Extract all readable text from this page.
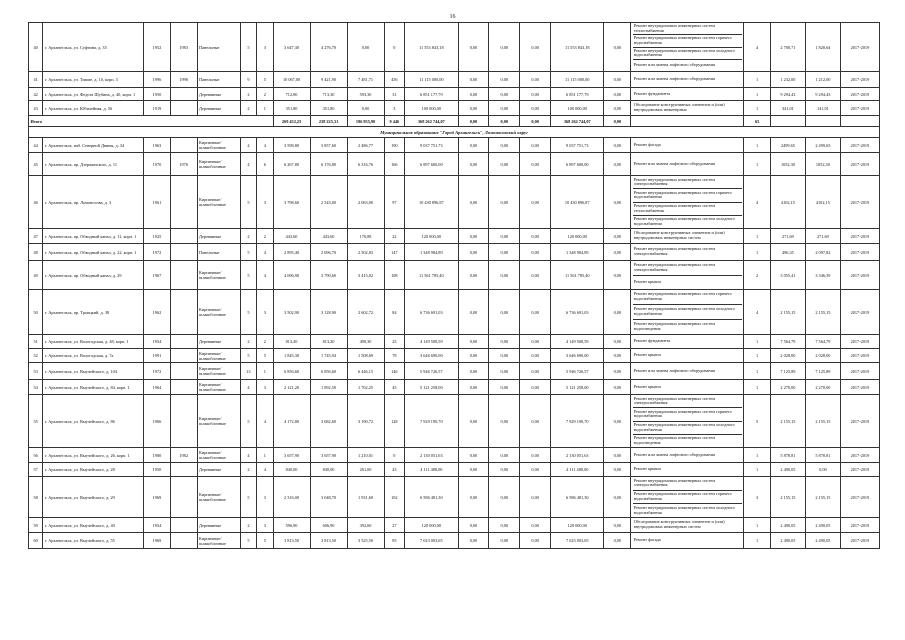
16
40	г. Архангельск, ул. Суфтина, д. 35	1952	1983	Панельные	5	3	3 647,30	4 276,70	0,00	0	11 553 843,18	0,00	0,00	0,00	11 553 843,18	0,00	Ремонт внутридомовых инженерных систем теплоснабжения
Ремонт внутридомовых инженерных систем горячего водоснабжения
Ремонт внутридомовых инженерных систем холодного водоснабжения
Ремонт или замена лифтового оборудования	4	2 700,71	1 820,64	2017-2019
41	г. Архангельск, ул. Тимме, д. 10, корп. 3	1996	1996	Панельные	9	5	10 067,00	9 421,90	7 481,71	456	11 115 000,00	0,00	0,00	0,00	11 115 000,00	0,00	Ремонт или замена лифтового оборудования	1	1 232,00	1 212,00	2017-2019
42	г. Архангельск, ул. Федота Шубина, д. 40, корп. 1	1950		Деревянные	2	2	712,80	713,30	593,30	31	6 851 177,79	0,00	0,00	0,00	6 851 177,79	0,00	Ремонт фундамента	1	9 294,43	9 294,43	2017-2019
43	г. Архангельск, ул. Юбилейная, д. 56	1919		Деревянные	2	1	351,80	351,80	0,00	3	100 000,00	0,00	0,00	0,00	100 000,00	0,00	Обследование конструктивных элементов и (или) внутридомовых инженерных	1	341,01	141,01	2017-2019
Итого							269 452,25	238 225,31	196 955,90	9 446	368 262 744,07	0,00	0,00	0,00	368 262 744,07	0,00		65			
Муниципальное образование "Город Архангельск", Ломоносовский округ																					
44	г. Архангельск, наб. Северной Двины, д. 34	1963		Кирпичные/ шлакоблочные	4	4	3 598,80	3 857,60	2 486,77	190	9 037 751,73	0,00	0,00	0,00	9 037 751,73	0,00	Ремонт фасада	1	2499,65	2 499,65	2017-2019
45	г. Архангельск, пр. Дзержинского, д. 11	1970	1976	Кирпичные/ шлакоблочные	4	6	6 267,80	6 176,80	6 316,76	166	6 897 600,00	0,00	0,00	0,00	6 897 600,00	0,00	Ремонт или замена лифтового оборудования	1	1052,30	1052,30	2017-2019
46	г. Архангельск, пр. Ломоносова, д. 3	1961		Кирпичные/ шлакоблочные	5	3	3 798,60	2 543,00	2 063,00	97	10 430 896,87	0,00	0,00	0,00	10 430 896,87	0,00	Ремонт внутридомовых инженерных систем электроснабжения
Ремонт внутридомовых инженерных систем горячего водоснабжения
Ремонт внутридомовых инженерных систем теплоснабжения
Ремонт внутридомовых инженерных систем холодного водоснабжения	4	4102,15	4102,15	2017-2019
47	г. Архангельск, пр. Обводный канал, д. 11, корп. 1	1925		Деревянные	2	2	443,60	443,60	176,88	22	120 000,00	0,00	0,00	0,00	120 000,00	0,00	Обследование конструктивных элементов и (или) внутридомовых инженерных систем	1	271,69	271,69	2017-2019
48	г. Архангельск, пр. Обводный канал, д. 22, корп. 1	1972		Панельные	5	4	2 895,40	2 696,70	2 502,83	147	1 348 984,89	0,00	0,00	0,00	1 348 984,89	0,00	Ремонт внутридомовых инженерных систем электроснабжения	1	496,35	2 097,82	2017-2019
49	г. Архангельск, пр. Обводный канал, д. 29	1967		Кирпичные/ шлакоблочные	5	4	4 696,90	3 790,60	3 415,02	108	11 561 785,40	0,00	0,00	0,00	11 561 785,40	0,00	Ремонт внутридомовых инженерных систем электроснабжения
Ремонт крыши	2	3 055,41	3 346,39	2017-2019
50	г. Архангельск, пр. Троицкий, д. 38	1962		Кирпичные/ шлакоблочные	5	3	3 502,90	3 128,90	2 602,72	84	6 736 691,03	0,00	0,00	0,00	6 736 691,03	0,00	Ремонт внутридомовых инженерных систем горячего водоснабжения
Ремонт внутридомовых инженерных систем холодного водоснабжения
Ремонт внутридомовых инженерных систем водоотведения	4	2 155,15	2 155,15	2017-2019
51	г. Архангельск, ул. Вологодская, д. 48, корп. 1	1954		Деревянные	2	2	813,20	813,20	490,30	25	4 149 508,59	0,00	0,00	0,00	4 149 508,59	0,00	Ремонт фундамента	1	7 564,79	7 564,79	2017-2019
52	г. Архангельск, ул. Вологодская, д. 7а	1991		Кирпичные/ шлакоблочные	5	5	1 845,30	1 745,94	1 508,69	78	3 646 690,00	0,00	0,00	0,00	3 646 690,00	0,00	Ремонт крыши	1	2 028,00	2 028,00	2017-2019
53	г. Архангельск, ул. Выучейского, д. 104	1972		Кирпичные/ шлакоблочные	13	1	6 856,60	6 856,60	6 446,15	146	5 946 726,57	0,00	0,00	0,00	5 946 726,57	0,00	Ремонт или замена лифтового оборудования	1	7 125,89	7 125,89	2017-2019
54	г. Архангельск, ул. Выучейского, д. 84, корп. 1	1964		Кирпичные/ шлакоблочные	4	3	2 121,20	1 892,50	1 702,25	45	5 121 258,00	0,00	0,00	0,00	5 121 258,00	0,00	Ремонт крыши	1	2 270,00	2 270,00	2017-2019
55	г. Архангельск, ул. Выучейского, д. 86	1966		Кирпичные/ шлакоблочные	5	4	4 172,80	3 682,60	3 190,72	128	7 929 190,70	0,00	0,00	0,00	7 929 190,70	0,00	Ремонт внутридомовых инженерных систем электроснабжения
Ремонт внутридомовых инженерных систем горячего водоснабжения
Ремонт внутридомовых инженерных систем холодного водоснабжения
Ремонт внутридомовых инженерных систем водоотведения	5	2 155,15	2 155,15	2017-2019
56	г. Архангельск, ул. Выучейского, д. 26, корп. 1	1980	1982	Кирпичные/ шлакоблочные	4	1	3 657,90	3 657,90	1 210,01	0	2 130 051,63	0,00	0,00	0,00	2 130 051,63	0,00	Ремонт или замена лифтового оборудования	1	5 878,81	5 878,81	2017-2019
57	г. Архангельск, ул. Выучейского, д. 28	1950		Деревянные	2	4	840,00	840,00	261,00	43	4 111 488,00	0,00	0,00	0,00	4 111 488,00	0,00	Ремонт крыши	1	2 490,05	0,00	2017-2019
58	г. Архангельск, ул. Выучейского, д. 29	1969		Кирпичные/ шлакоблочные	5	3	2 316,00	3 048,70	1 931,60	102	6 586 481,30	0,00	0,00	0,00	6 586 481,30	0,00	Ремонт внутридомовых инженерных систем электроснабжения
Ремонт внутридомовых инженерных систем горячего водоснабжения
Ремонт внутридомовых инженерных систем холодного водоснабжения	3	2 155,15	2 155,15	2017-2019
59	г. Архангельск, ул. Выучейского, д. 40	1954		Деревянные	2	3	596,90	606,90	392,60	27	120 000,00	0,00	0,00	0,00	120 000,00	0,00	Обследование конструктивных элементов и (или) внутридомовых инженерных систем	1	2 490,05	2 490,05	2017-2019
60	г. Архангельск, ул. Выучейского, д. 55	1969		Кирпичные/ шлакоблочные	5	5	3 813,50	3 813,50	3 525,50	85	7 023 003,65	0,00	0,00	0,00	7 023 003,65	0,00	Ремонт фасада	1	2 490,05	2 490,05	2017-2019
